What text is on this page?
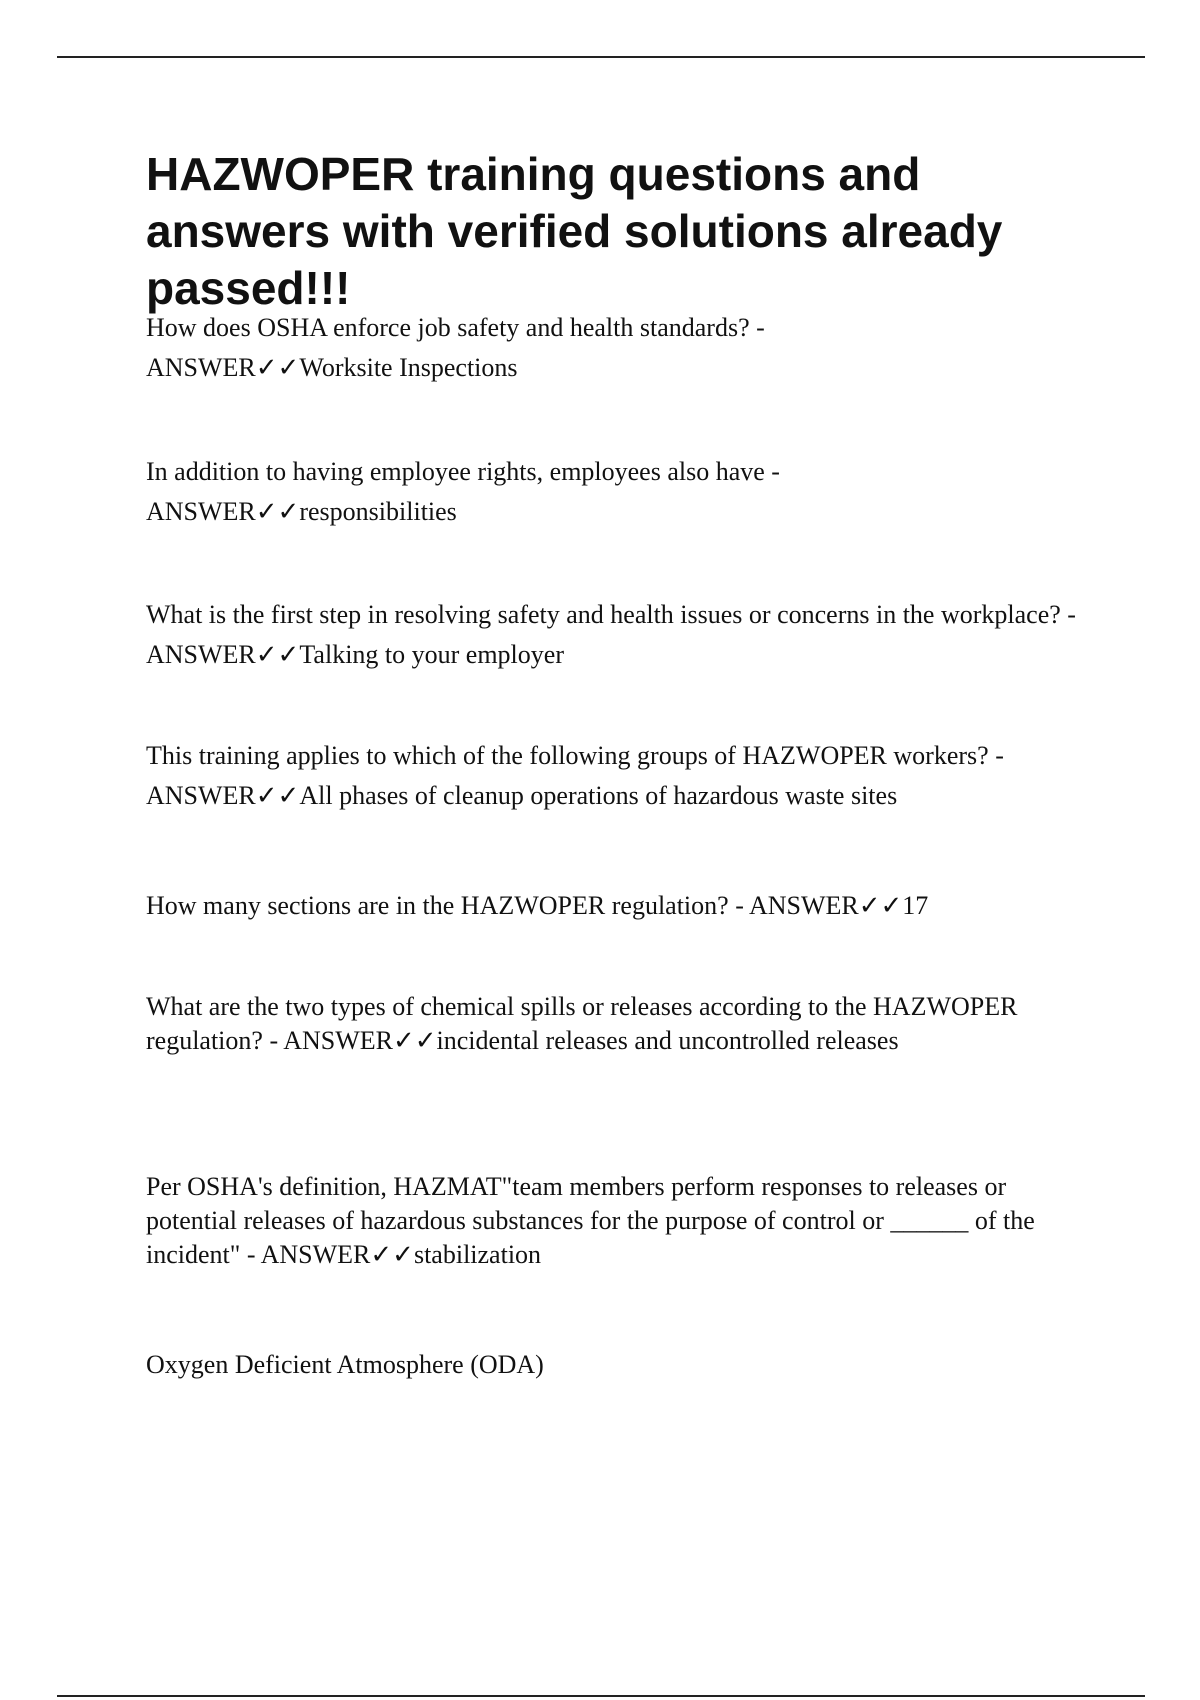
HAZWOPER training questions and answers with verified solutions already passed!!!

How does OSHA enforce job safety and health standards? -
ANSWER✓✓Worksite Inspections

In addition to having employee rights, employees also have -
ANSWER✓✓responsibilities

What is the first step in resolving safety and health issues or concerns in the workplace? - ANSWER✓✓Talking to your employer

This training applies to which of the following groups of HAZWOPER workers? -
ANSWER✓✓All phases of cleanup operations of hazardous waste sites

How many sections are in the HAZWOPER regulation? - ANSWER✓✓17

What are the two types of chemical spills or releases according to the HAZWOPER regulation? - ANSWER✓✓incidental releases and uncontrolled releases

Per OSHA's definition, HAZMAT"team members perform responses to releases or potential releases of hazardous substances for the purpose of control or ______ of the incident" - ANSWER✓✓stabilization

Oxygen Deficient Atmosphere (ODA)
